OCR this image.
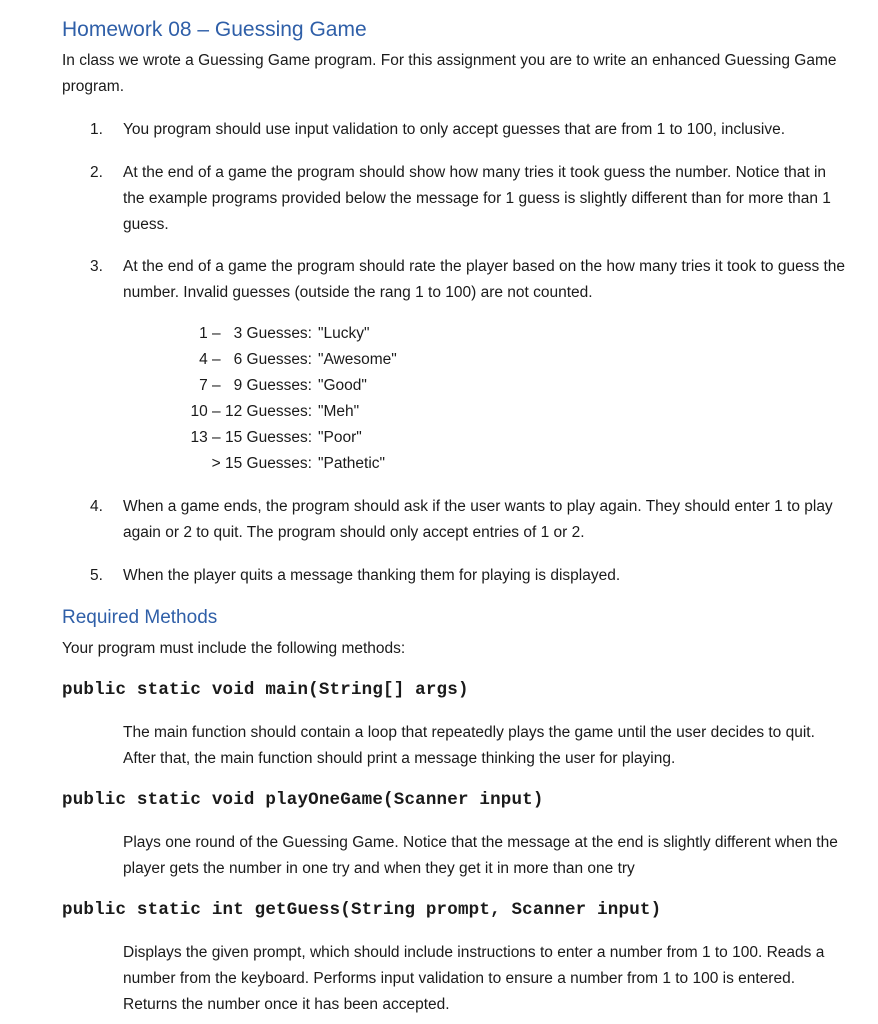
Homework 08 – Guessing Game
In class we wrote a Guessing Game program. For this assignment you are to write an enhanced Guessing Game program.
1. You program should use input validation to only accept guesses that are from 1 to 100, inclusive.
2. At the end of a game the program should show how many tries it took guess the number. Notice that in the example programs provided below the message for 1 guess is slightly different than for more than 1 guess.
3. At the end of a game the program should rate the player based on the how many tries it took to guess the number. Invalid guesses (outside the rang 1 to 100) are not counted.
1 –   3 Guesses: "Lucky"
4 –   6 Guesses: "Awesome"
7 –   9 Guesses: "Good"
10 – 12 Guesses: "Meh"
13 – 15 Guesses: "Poor"
> 15 Guesses: "Pathetic"
4. When a game ends, the program should ask if the user wants to play again. They should enter 1 to play again or 2 to quit. The program should only accept entries of 1 or 2.
5. When the player quits a message thanking them for playing is displayed.
Required Methods
Your program must include the following methods:
public static void main(String[] args)
The main function should contain a loop that repeatedly plays the game until the user decides to quit. After that, the main function should print a message thinking the user for playing.
public static void playOneGame(Scanner input)
Plays one round of the Guessing Game. Notice that the message at the end is slightly different when the player gets the number in one try and when they get it in more than one try
public static int getGuess(String prompt, Scanner input)
Displays the given prompt, which should include instructions to enter a number from 1 to 100. Reads a number from the keyboard. Performs input validation to ensure a number from 1 to 100 is entered. Returns the number once it has been accepted.
